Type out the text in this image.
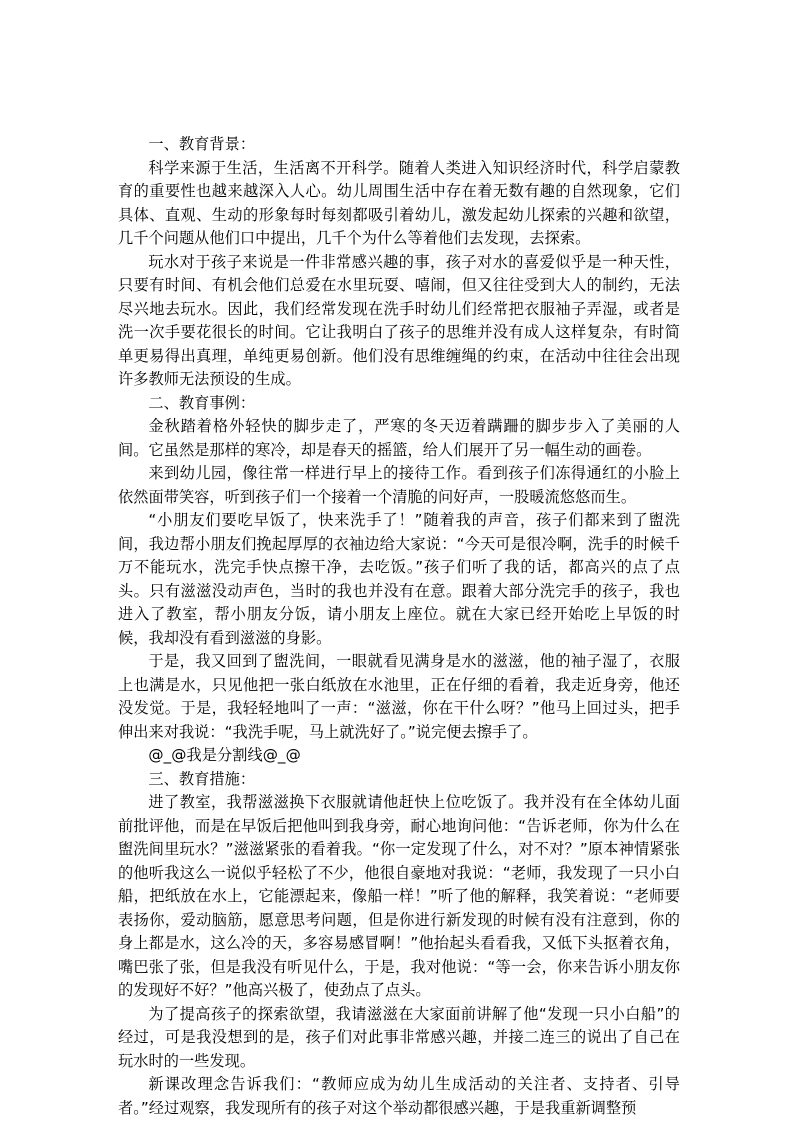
一、教育背景：

科学来源于生活，生活离不开科学。随着人类进入知识经济时代，科学启蒙教育的重要性也越来越深入人心。幼儿周围生活中存在着无数有趣的自然现象，它们具体、直观、生动的形象每时每刻都吸引着幼儿，激发起幼儿探索的兴趣和欲望，几千个问题从他们口中提出，几千个为什么等着他们去发现，去探索。

玩水对于孩子来说是一件非常感兴趣的事，孩子对水的喜爱似乎是一种天性，只要有时间、有机会他们总爱在水里玩耍、嘻闹，但又往往受到大人的制约，无法尽兴地去玩水。因此，我们经常发现在洗手时幼儿们经常把衣服袖子弄湿，或者是洗一次手要花很长的时间。它让我明白了孩子的思维并没有成人这样复杂，有时简单更易得出真理，单纯更易创新。他们没有思维缠绳的约束，在活动中往往会出现许多教师无法预设的生成。

二、教育事例：

金秋踏着格外轻快的脚步走了，严寒的冬天迈着蹒跚的脚步步入了美丽的人间。它虽然是那样的寒冷，却是春天的摇篮，给人们展开了另一幅生动的画卷。

来到幼儿园，像往常一样进行早上的接待工作。看到孩子们冻得通红的小脸上依然面带笑容，听到孩子们一个接着一个清脆的问好声，一股暖流悠悠而生。

“小朋友们要吃早饭了，快来洗手了！”随着我的声音，孩子们都来到了盥洗间，我边帮小朋友们挽起厚厚的衣袖边给大家说：“今天可是很冷啊，洗手的时候千万不能玩水，洗完手快点擦干净，去吃饭。”孩子们听了我的话，都高兴的点了点头。只有滋滋没动声色，当时的我也并没有在意。跟着大部分洗完手的孩子，我也进入了教室，帮小朋友分饭，请小朋友上座位。就在大家已经开始吃上早饭的时候，我却没有看到滋滋的身影。

于是，我又回到了盥洗间，一眼就看见满身是水的滋滋，他的袖子湿了，衣服上也满是水，只见他把一张白纸放在水池里，正在仔细的看着，我走近身旁，他还没发觉。于是，我轻轻地叫了一声：“滋滋，你在干什么呀？”他马上回过头，把手伸出来对我说：“我洗手呢，马上就洗好了。”说完便去擦手了。

@_@我是分割线@_@

三、教育措施：

进了教室，我帮滋滋换下衣服就请他赶快上位吃饭了。我并没有在全体幼儿面前批评他，而是在早饭后把他叫到我身旁，耐心地询问他：“告诉老师，你为什么在盥洗间里玩水？”滋滋紧张的看着我。“你一定发现了什么，对不对？”原本神情紧张的他听我这么一说似乎轻松了不少，他很自豪地对我说：“老师，我发现了一只小白船，把纸放在水上，它能漂起来，像船一样！”听了他的解释，我笑着说：“老师要表扬你，爱动脑筋，愿意思考问题，但是你进行新发现的时候有没有注意到，你的身上都是水，这么冷的天，多容易感冒啊！”他抬起头看看我，又低下头抠着衣角，嘴巴张了张，但是我没有听见什么，于是，我对他说：“等一会，你来告诉小朋友你的发现好不好？”他高兴极了，使劲点了点头。

为了提高孩子的探索欲望，我请滋滋在大家面前讲解了他“发现一只小白船”的经过，可是我没想到的是，孩子们对此事非常感兴趣，并接二连三的说出了自己在玩水时的一些发现。

新课改理念告诉我们：“教师应成为幼儿生成活动的关注者、支持者、引导者。”经过观察，我发现所有的孩子对这个举动都很感兴趣，于是我重新调整预
